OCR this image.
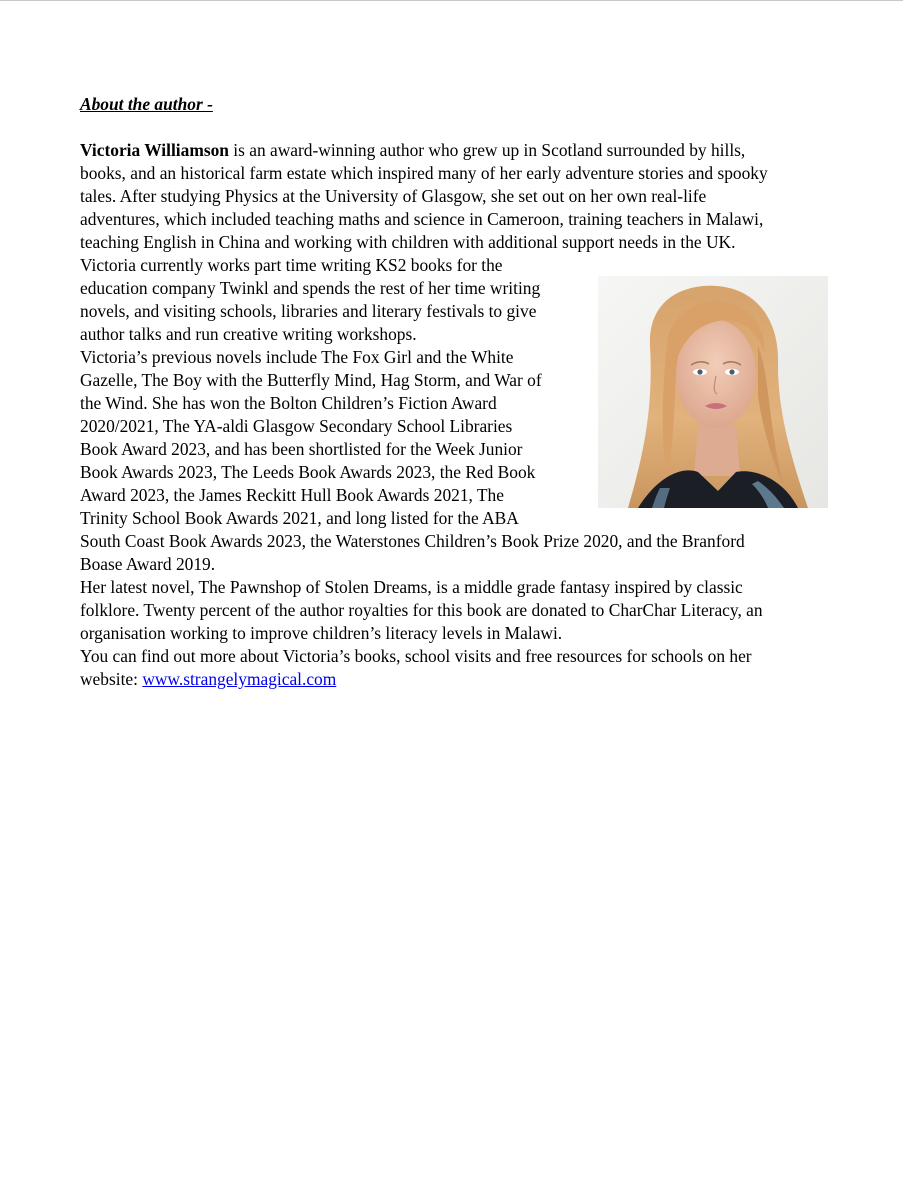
About the author -
Victoria Williamson is an award-winning author who grew up in Scotland surrounded by hills,
books, and an historical farm estate which inspired many of her early adventure stories and spooky
tales. After studying Physics at the University of Glasgow, she set out on her own real-life
adventures, which included teaching maths and science in Cameroon, training teachers in Malawi,
teaching English in China and working with children with additional support needs in the UK.
Victoria currently works part time writing KS2 books for the
education company Twinkl and spends the rest of her time writing
novels, and visiting schools, libraries and literary festivals to give
author talks and run creative writing workshops.
Victoria’s previous novels include The Fox Girl and the White
Gazelle, The Boy with the Butterfly Mind, Hag Storm, and War of
the Wind. She has won the Bolton Children’s Fiction Award
2020/2021, The YA-aldi Glasgow Secondary School Libraries
Book Award 2023, and has been shortlisted for the Week Junior
Book Awards 2023, The Leeds Book Awards 2023, the Red Book
Award 2023, the James Reckitt Hull Book Awards 2021, The
Trinity School Book Awards 2021, and long listed for the ABA
South Coast Book Awards 2023, the Waterstones Children’s Book Prize 2020, and the Branford
Boase Award 2019.
Her latest novel, The Pawnshop of Stolen Dreams, is a middle grade fantasy inspired by classic
folklore. Twenty percent of the author royalties for this book are donated to CharChar Literacy, an
organisation working to improve children’s literacy levels in Malawi.
You can find out more about Victoria’s books, school visits and free resources for schools on her
website: www.strangelymagical.com
